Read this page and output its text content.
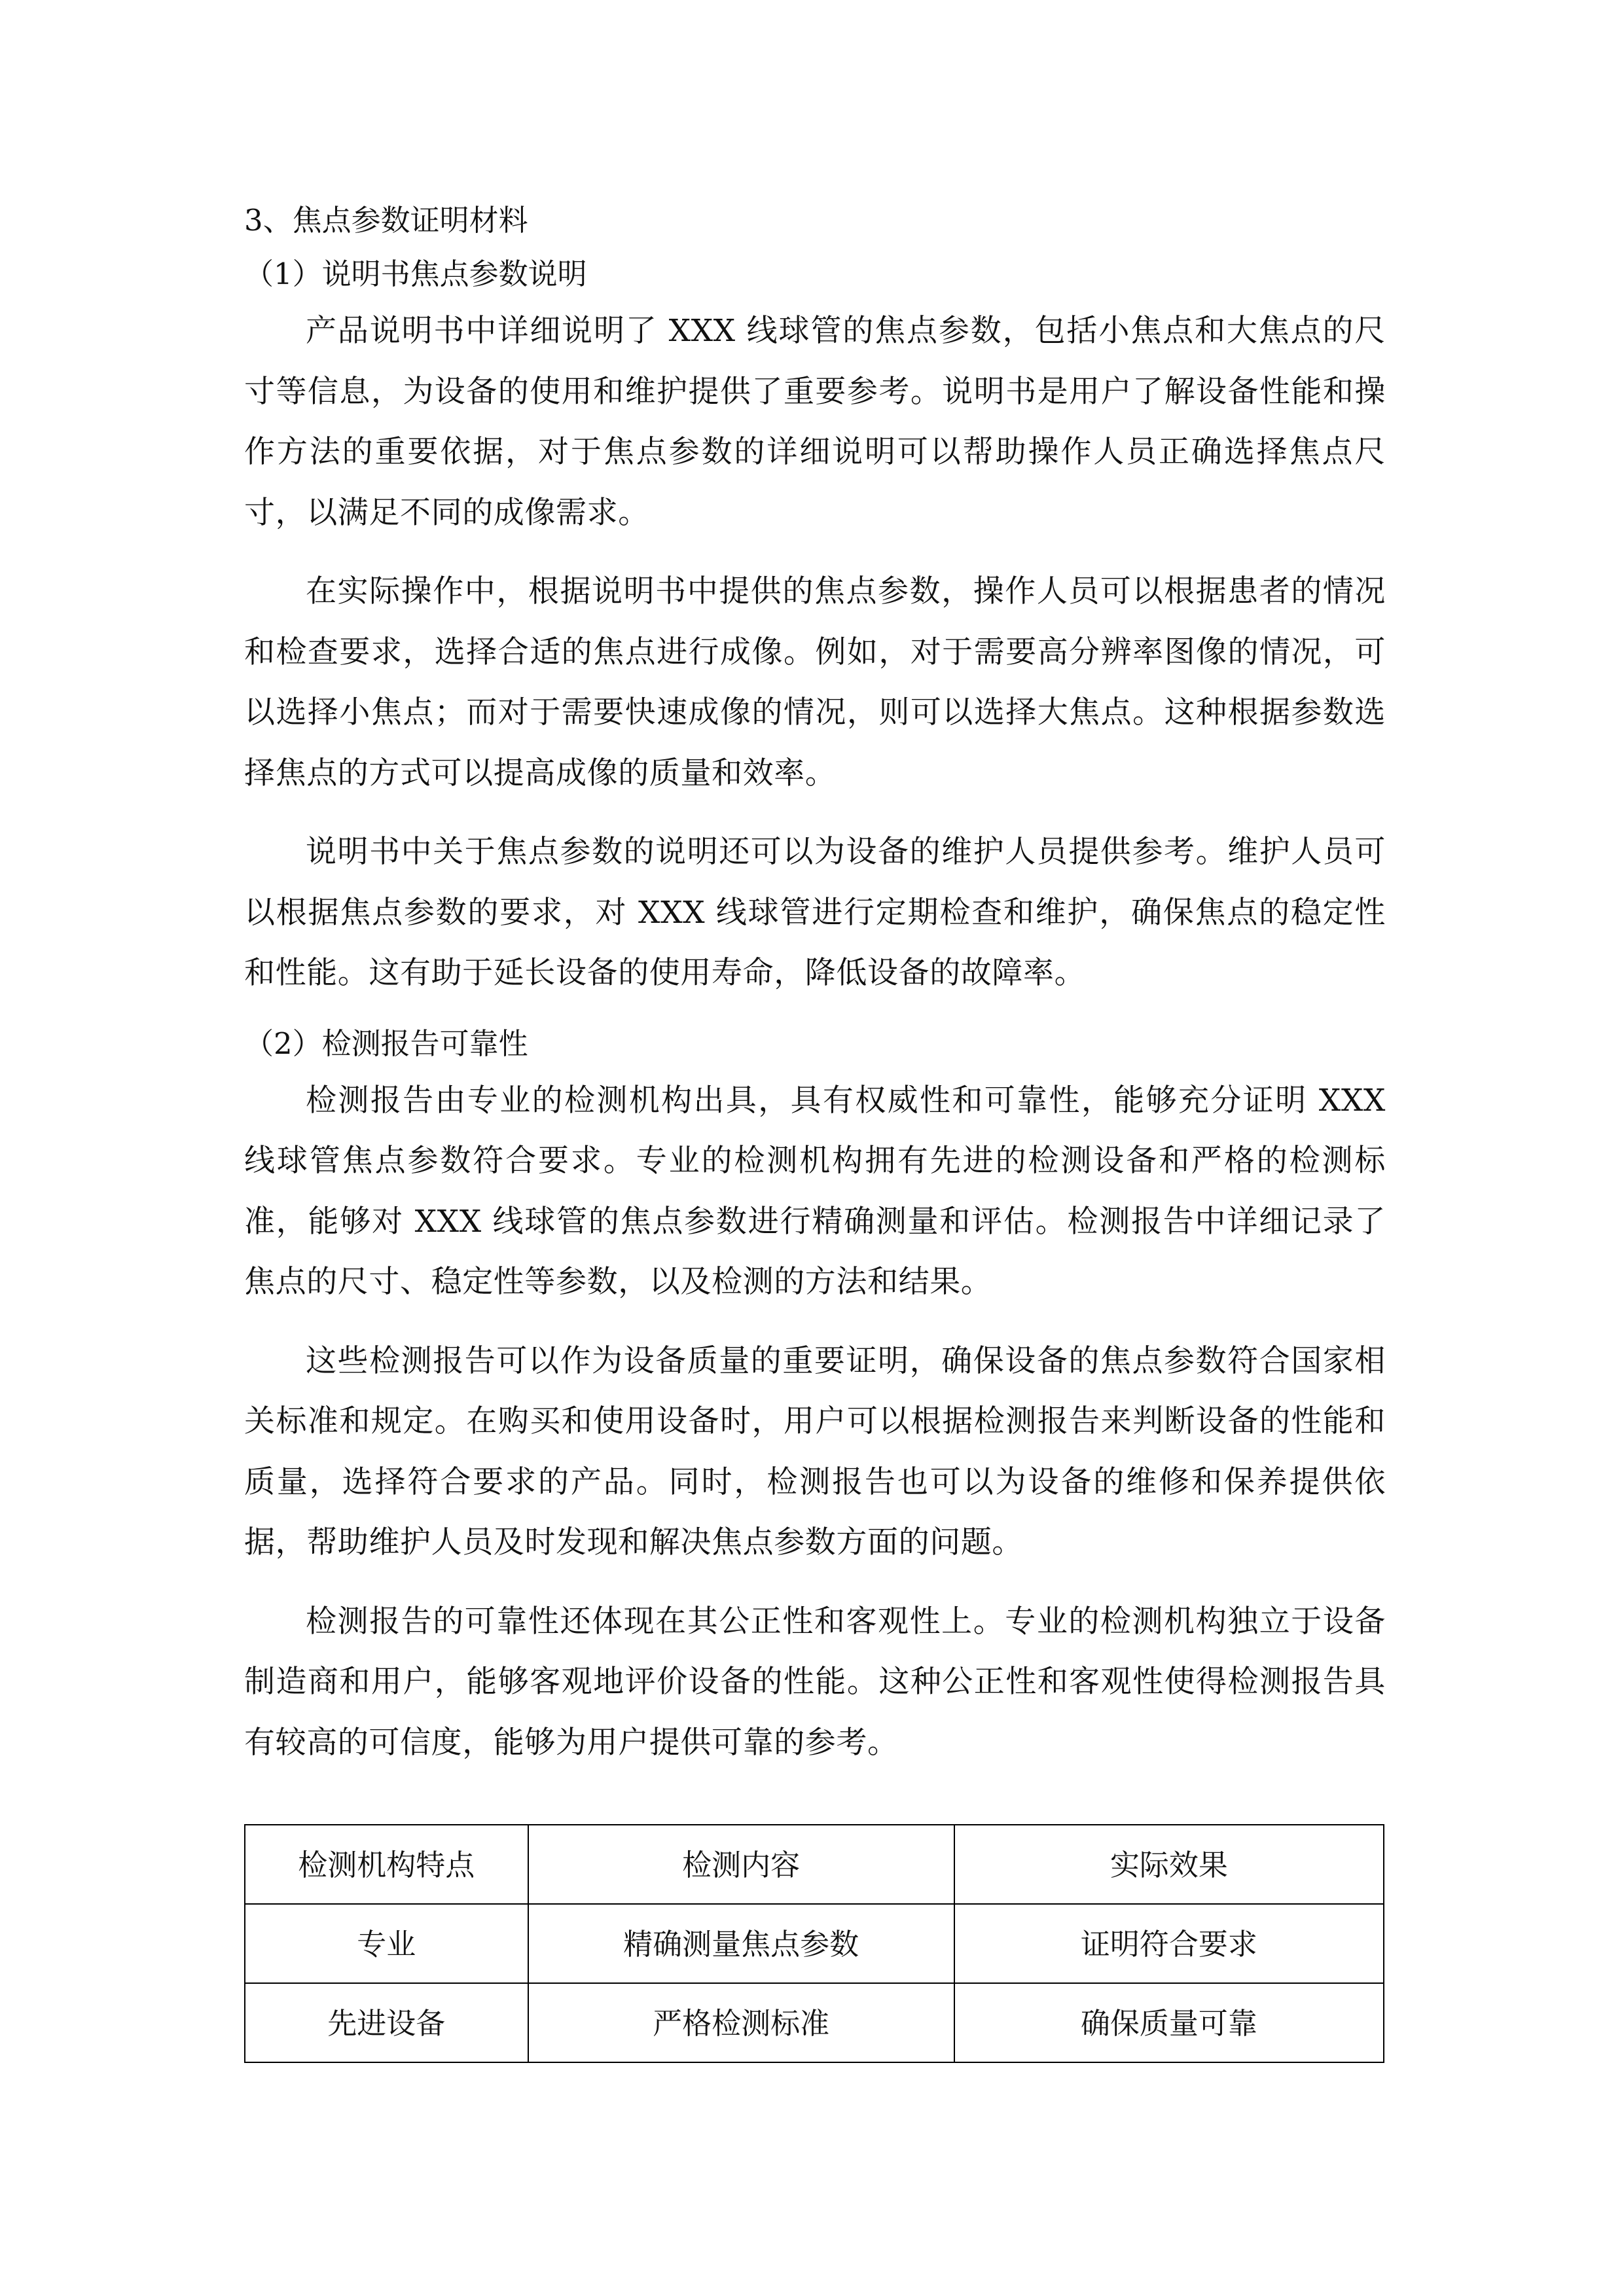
3、焦点参数证明材料

（1）说明书焦点参数说明

产品说明书中详细说明了 XXX 线球管的焦点参数，包括小焦点和大焦点的尺寸等信息，为设备的使用和维护提供了重要参考。说明书是用户了解设备性能和操作方法的重要依据，对于焦点参数的详细说明可以帮助操作人员正确选择焦点尺寸，以满足不同的成像需求。

在实际操作中，根据说明书中提供的焦点参数，操作人员可以根据患者的情况和检查要求，选择合适的焦点进行成像。例如，对于需要高分辨率图像的情况，可以选择小焦点；而对于需要快速成像的情况，则可以选择大焦点。这种根据参数选择焦点的方式可以提高成像的质量和效率。

说明书中关于焦点参数的说明还可以为设备的维护人员提供参考。维护人员可以根据焦点参数的要求，对 XXX 线球管进行定期检查和维护，确保焦点的稳定性和性能。这有助于延长设备的使用寿命，降低设备的故障率。

（2）检测报告可靠性

检测报告由专业的检测机构出具，具有权威性和可靠性，能够充分证明 XXX 线球管焦点参数符合要求。专业的检测机构拥有先进的检测设备和严格的检测标准，能够对 XXX 线球管的焦点参数进行精确测量和评估。检测报告中详细记录了焦点的尺寸、稳定性等参数，以及检测的方法和结果。

这些检测报告可以作为设备质量的重要证明，确保设备的焦点参数符合国家相关标准和规定。在购买和使用设备时，用户可以根据检测报告来判断设备的性能和质量，选择符合要求的产品。同时，检测报告也可以为设备的维修和保养提供依据，帮助维护人员及时发现和解决焦点参数方面的问题。

检测报告的可靠性还体现在其公正性和客观性上。专业的检测机构独立于设备制造商和用户，能够客观地评价设备的性能。这种公正性和客观性使得检测报告具有较高的可信度，能够为用户提供可靠的参考。

检测机构特点	检测内容	实际效果
专业	精确测量焦点参数	证明符合要求
先进设备	严格检测标准	确保质量可靠
